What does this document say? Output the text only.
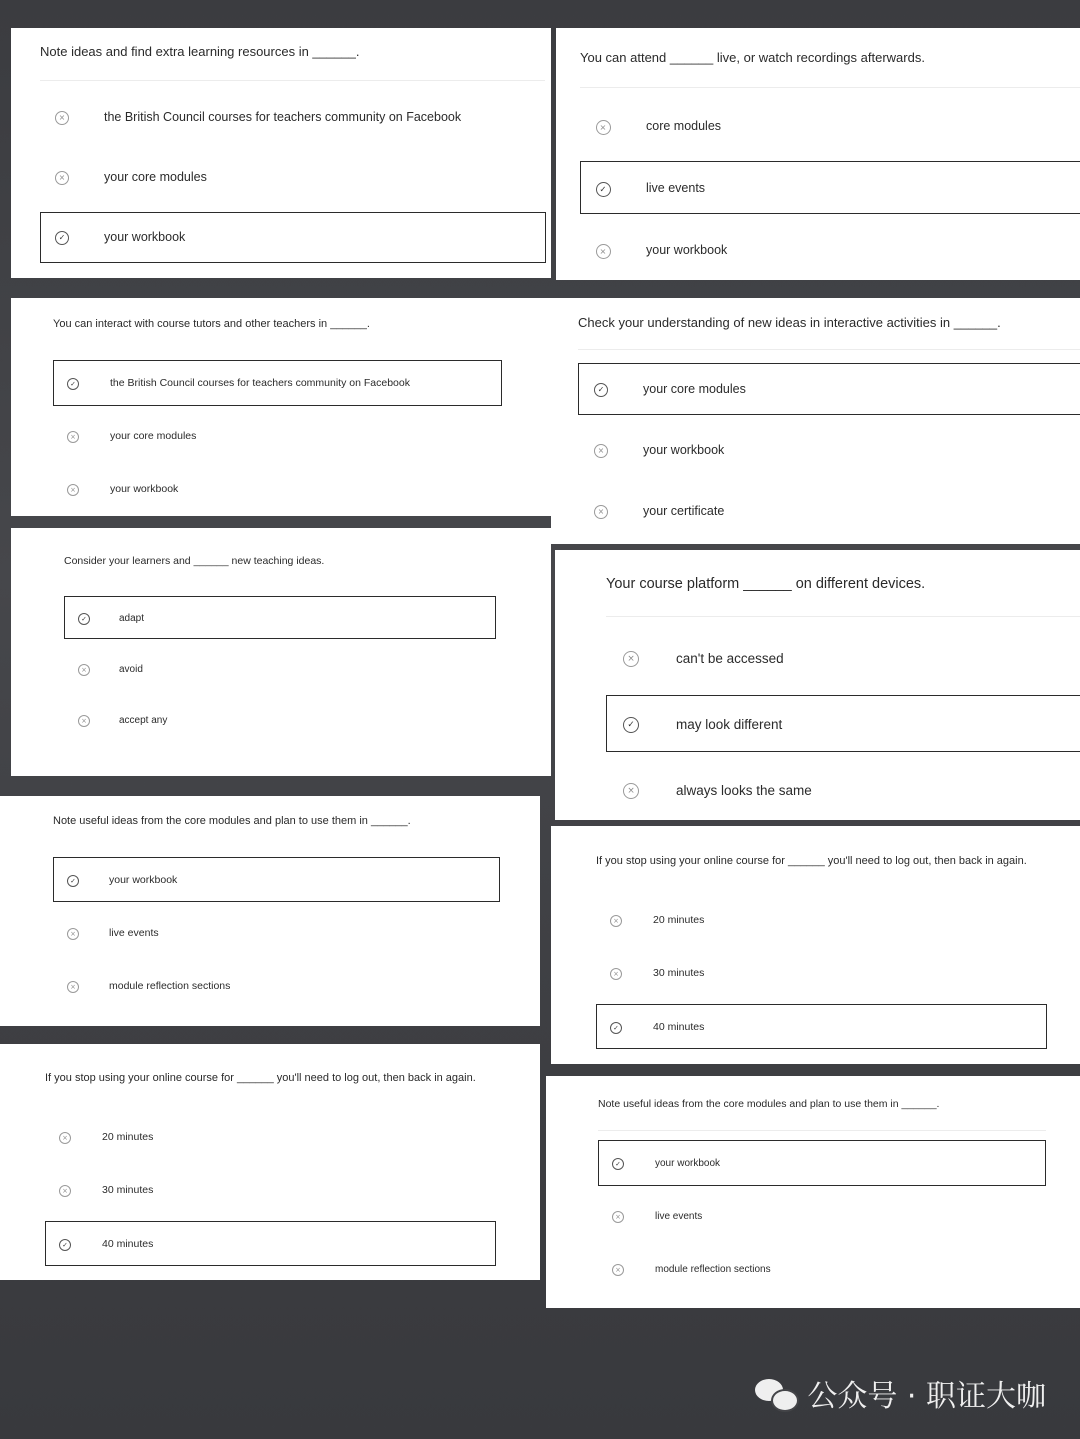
Note ideas and find extra learning resources in ______.
×	the British Council courses for teachers community on Facebook
×	your core modules
✓	your workbook
You can attend ______ live, or watch recordings afterwards.
×	core modules
✓	live events
×	your workbook
You can interact with course tutors and other teachers in ______.
✓	the British Council courses for teachers community on Facebook
×	your core modules
×	your workbook
Check your understanding of new ideas in interactive activities in ______.
✓	your core modules
×	your workbook
×	your certificate
Consider your learners and ______ new teaching ideas.
✓	adapt
×	avoid
×	accept any
Your course platform ______ on different devices.
×	can't be accessed
✓	may look different
×	always looks the same
Note useful ideas from the core modules and plan to use them in ______.
✓	your workbook
×	live events
×	module reflection sections
If you stop using your online course for ______ you'll need to log out, then back in again.
×	20 minutes
×	30 minutes
✓	40 minutes
If you stop using your online course for ______ you'll need to log out, then back in again.
×	20 minutes
×	30 minutes
✓	40 minutes
Note useful ideas from the core modules and plan to use them in ______.
✓	your workbook
×	live events
×	module reflection sections
公众号 · 职证大咖
